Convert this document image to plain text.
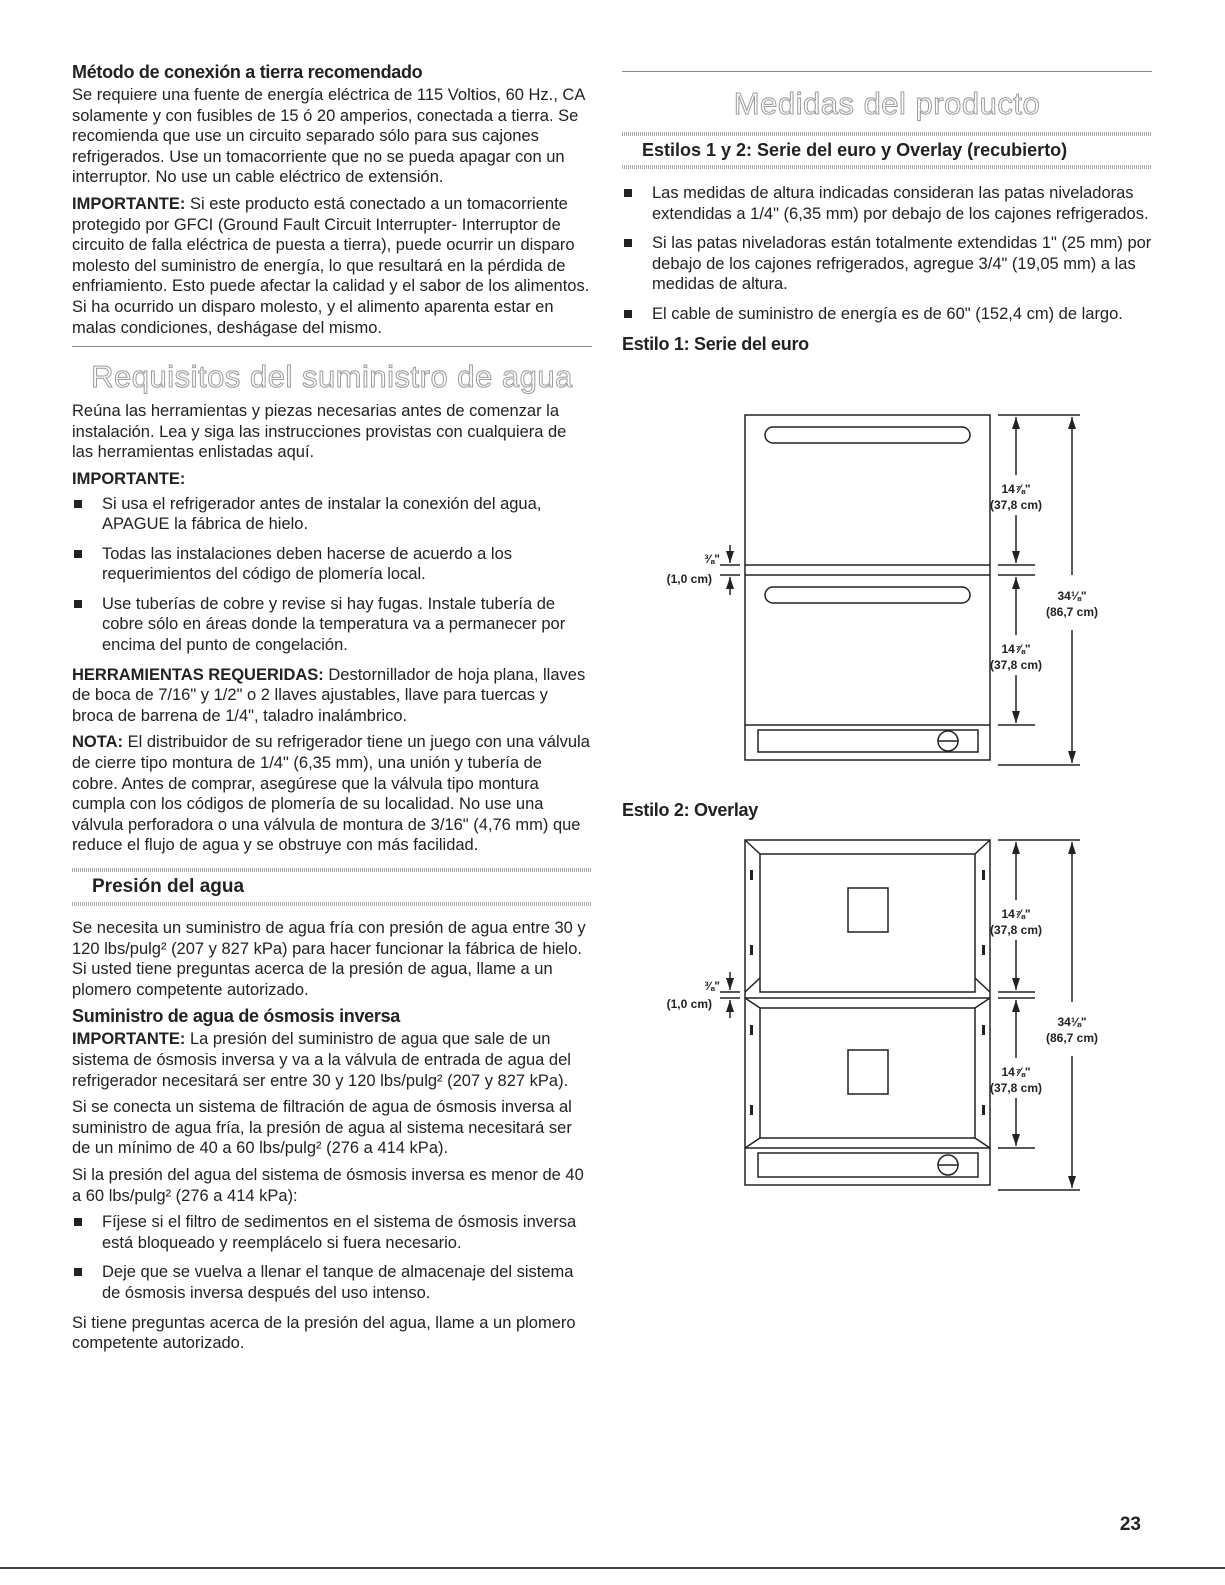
Método de conexión a tierra recomendado

Se requiere una fuente de energía eléctrica de 115 Voltios, 60 Hz., CA solamente y con fusibles de 15 ó 20 amperios, conectada a tierra. Se recomienda que use un circuito separado sólo para sus cajones refrigerados. Use un tomacorriente que no se pueda apagar con un interruptor. No use un cable eléctrico de extensión.

IMPORTANTE: Si este producto está conectado a un tomacorriente protegido por GFCI (Ground Fault Circuit Interrupter- Interruptor de circuito de falla eléctrica de puesta a tierra), puede ocurrir un disparo molesto del suministro de energía, lo que resultará en la pérdida de enfriamiento. Esto puede afectar la calidad y el sabor de los alimentos. Si ha ocurrido un disparo molesto, y el alimento aparenta estar en malas condiciones, deshágase del mismo.

Requisitos del suministro de agua

Reúna las herramientas y piezas necesarias antes de comenzar la instalación. Lea y siga las instrucciones provistas con cualquiera de las herramientas enlistadas aquí.

IMPORTANTE:

Si usa el refrigerador antes de instalar la conexión del agua, APAGUE la fábrica de hielo.
Todas las instalaciones deben hacerse de acuerdo a los requerimientos del código de plomería local.
Use tuberías de cobre y revise si hay fugas. Instale tubería de cobre sólo en áreas donde la temperatura va a permanecer por encima del punto de congelación.

HERRAMIENTAS REQUERIDAS: Destornillador de hoja plana, llaves de boca de 7/16" y 1/2" o 2 llaves ajustables, llave para tuercas y broca de barrena de 1/4", taladro inalámbrico.

NOTA: El distribuidor de su refrigerador tiene un juego con una válvula de cierre tipo montura de 1/4" (6,35 mm), una unión y tubería de cobre. Antes de comprar, asegúrese que la válvula tipo montura cumpla con los códigos de plomería de su localidad. No use una válvula perforadora o una válvula de montura de 3/16" (4,76 mm) que reduce el flujo de agua y se obstruye con más facilidad.

Presión del agua

Se necesita un suministro de agua fría con presión de agua entre 30 y 120 lbs/pulg² (207 y 827 kPa) para hacer funcionar la fábrica de hielo. Si usted tiene preguntas acerca de la presión de agua, llame a un plomero competente autorizado.

Suministro de agua de ósmosis inversa

IMPORTANTE: La presión del suministro de agua que sale de un sistema de ósmosis inversa y va a la válvula de entrada de agua del refrigerador necesitará ser entre 30 y 120 lbs/pulg² (207 y 827 kPa).

Si se conecta un sistema de filtración de agua de ósmosis inversa al suministro de agua fría, la presión de agua al sistema necesitará ser de un mínimo de 40 a 60 lbs/pulg² (276 a 414 kPa).

Si la presión del agua del sistema de ósmosis inversa es menor de 40 a 60 lbs/pulg² (276 a 414 kPa):

Fíjese si el filtro de sedimentos en el sistema de ósmosis inversa está bloqueado y reemplácelo si fuera necesario.
Deje que se vuelva a llenar el tanque de almacenaje del sistema de ósmosis inversa después del uso intenso.

Si tiene preguntas acerca de la presión del agua, llame a un plomero competente autorizado.

Medidas del producto
Estilos 1 y 2: Serie del euro y Overlay (recubierto)
Las medidas de altura indicadas consideran las patas niveladoras extendidas a 1/4" (6,35 mm) por debajo de los cajones refrigerados.
Si las patas niveladoras están totalmente extendidas 1" (25 mm) por debajo de los cajones refrigerados, agregue 3/4" (19,05 mm) a las medidas de altura.
El cable de suministro de energía es de 60" (152,4 cm) de largo.
Estilo 1: Serie del euro
14⅞"
(37,8 cm)
14⅞"
(37,8 cm)
34⅛"
(86,7 cm)
⅜"
(1,0 cm)
Estilo 2: Overlay
14⅞"
(37,8 cm)
14⅞"
(37,8 cm)
34⅛"
(86,7 cm)
⅜"
(1,0 cm)
23
